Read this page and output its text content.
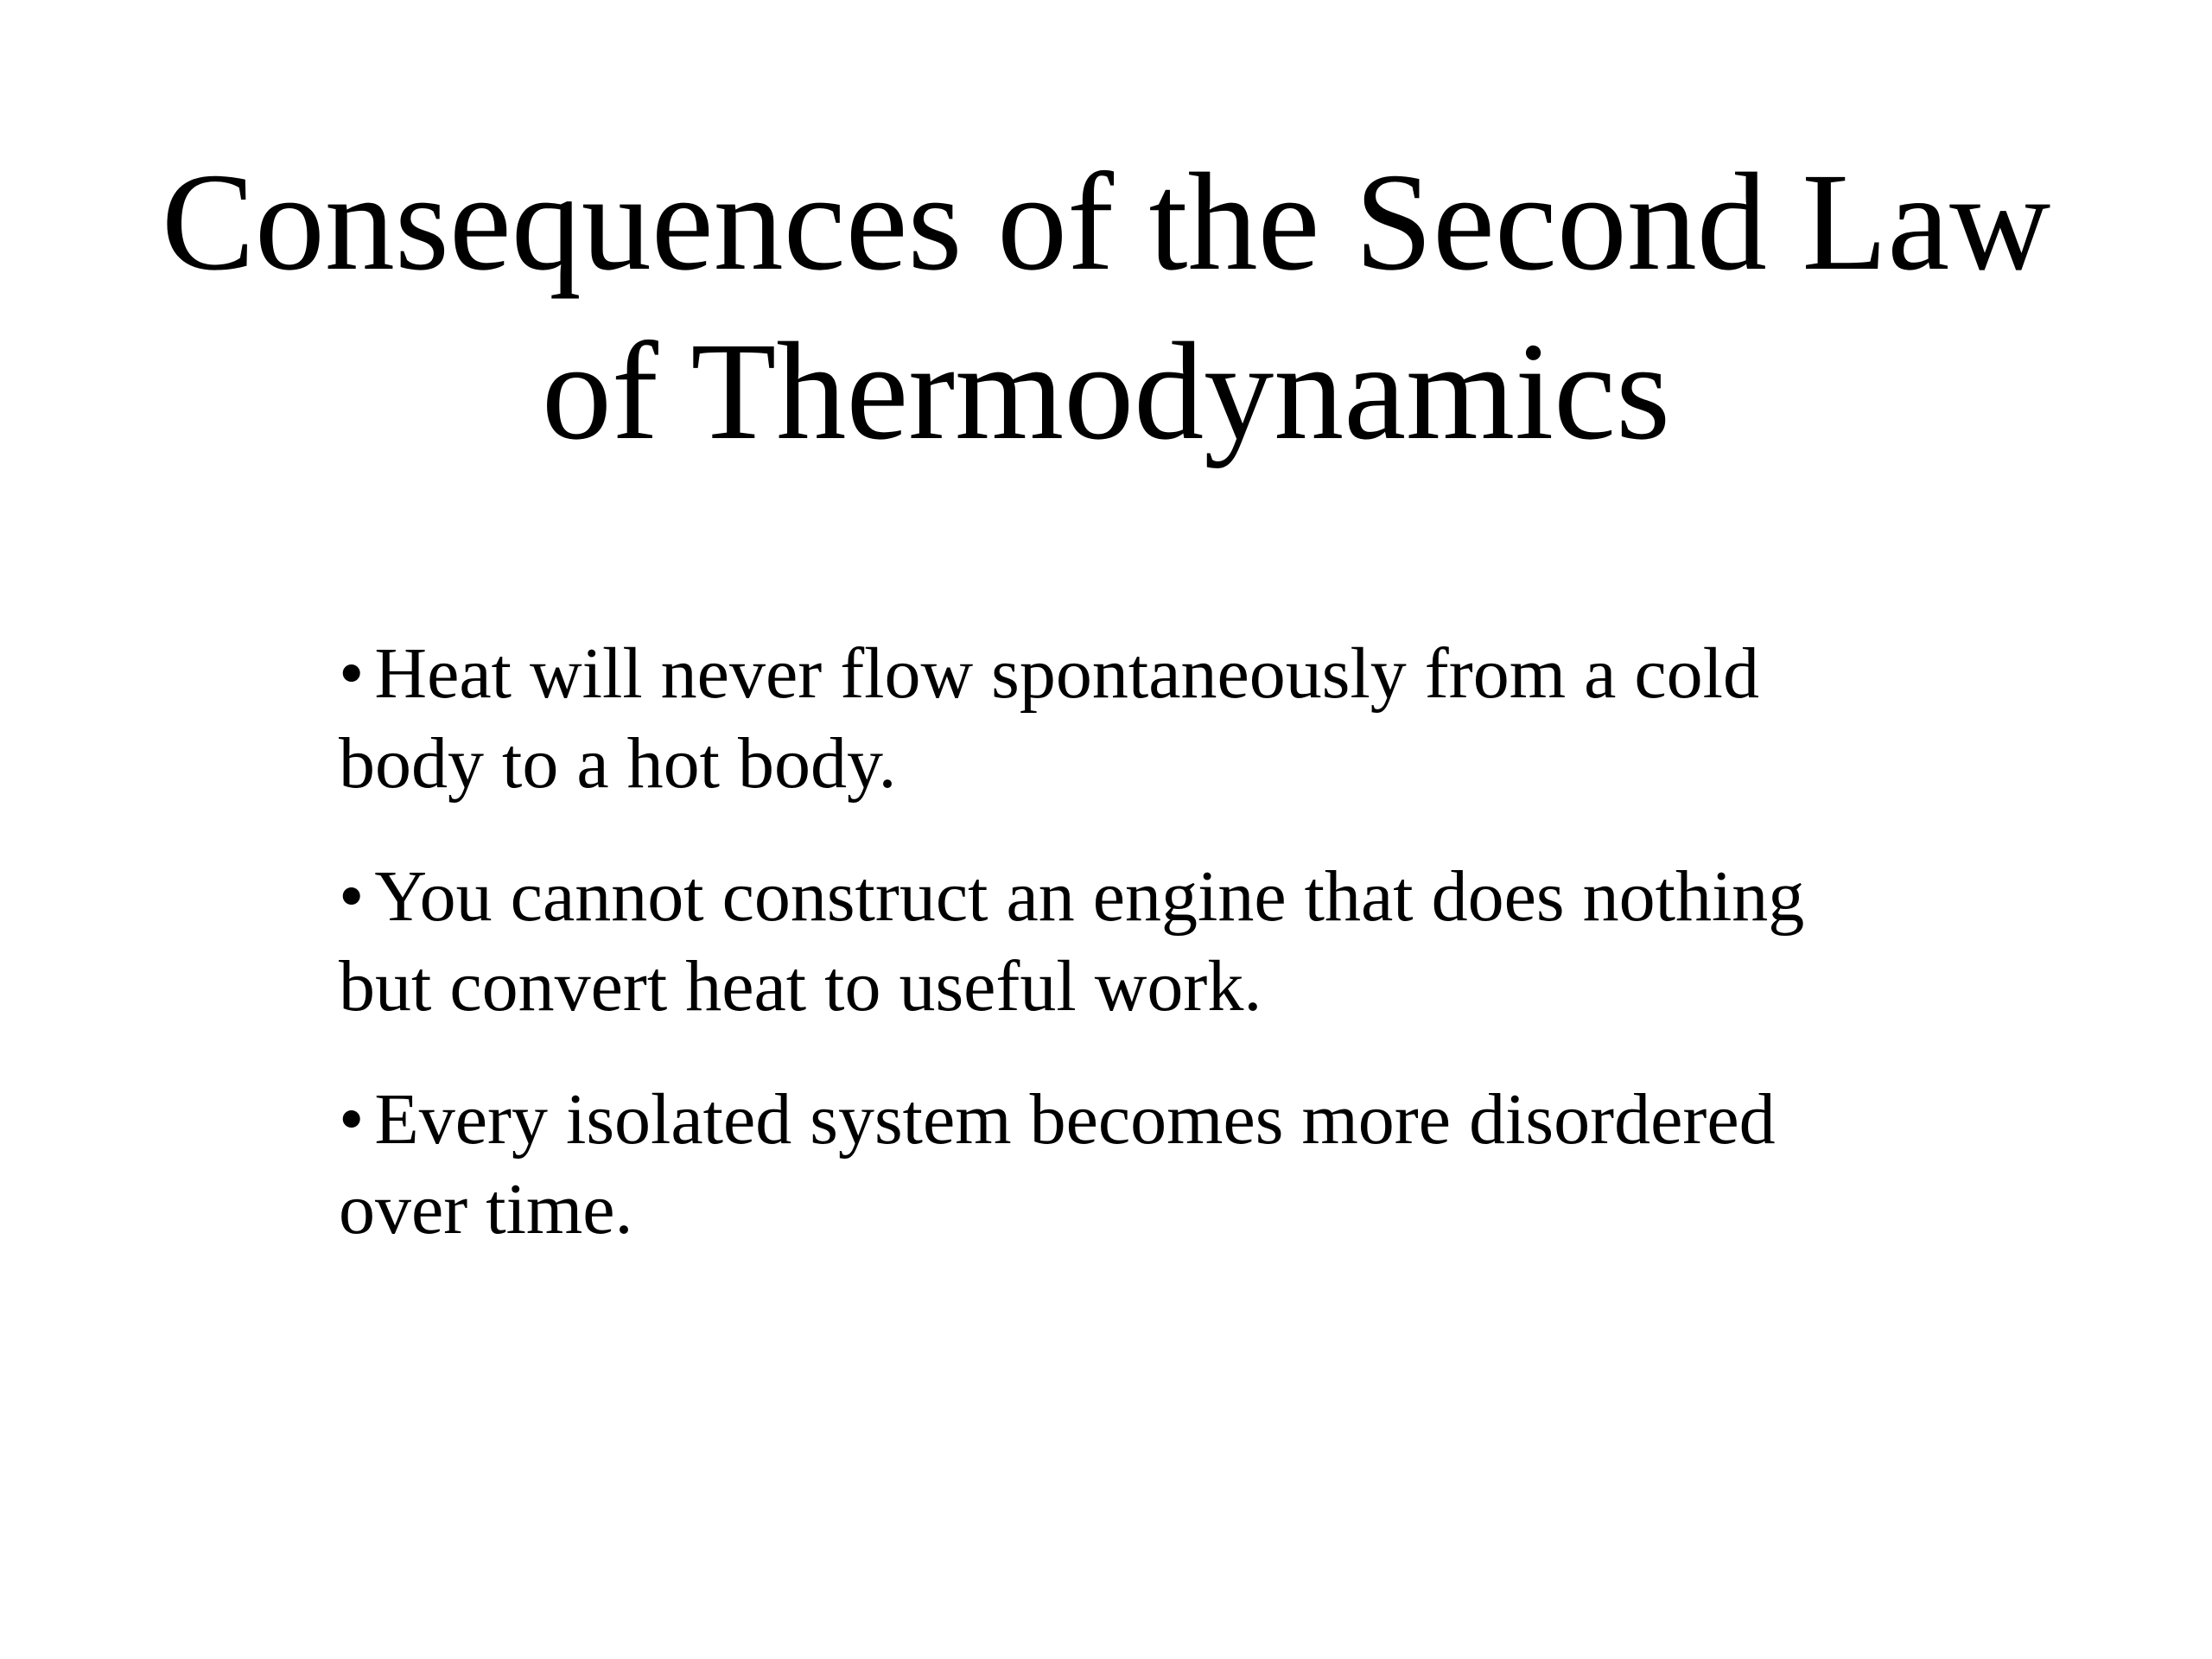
Consequences of the Second Law
of Thermodynamics
• Heat will never flow spontaneously from a cold
body to a hot body.
• You cannot construct an engine that does nothing
but convert heat to useful work.
• Every isolated system becomes more disordered
over time.
